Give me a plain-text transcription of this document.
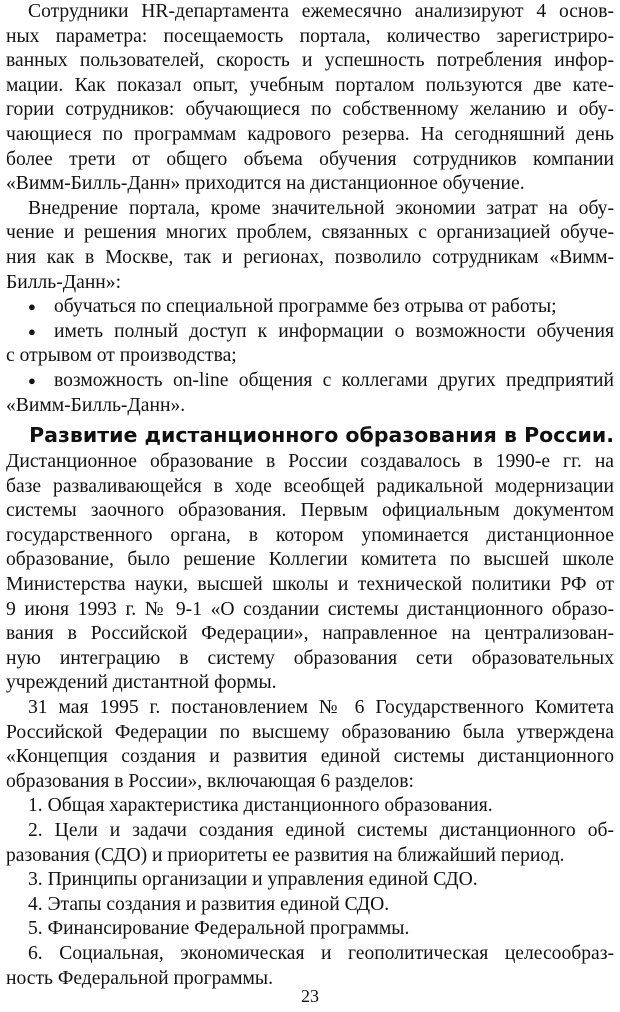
Сотрудники HR-департамента ежемесячно анализируют 4 основ-
ных параметра: посещаемость портала, количество зарегистриро-
ванных пользователей, скорость и успешность потребления инфор-
мации. Как показал опыт, учебным порталом пользуются две кате-
гории сотрудников: обучающиеся по собственному желанию и обу-
чающиеся по программам кадрового резерва. На сегодняшний день
более трети от общего объема обучения сотрудников компании
«Вимм-Билль-Данн» приходится на дистанционное обучение.
Внедрение портала, кроме значительной экономии затрат на обу-
чение и решения многих проблем, связанных с организацией обуче-
ния как в Москве, так и регионах, позволило сотрудникам «Вимм-
Билль-Данн»:
● обучаться по специальной программе без отрыва от работы;
● иметь полный доступ к информации о возможности обучения
с отрывом от производства;
● возможность on-line общения с коллегами других предприятий
«Вимм-Билль-Данн».
Развитие дистанционного образования в России.
Дистанционное образование в России создавалось в 1990-е гг. на
базе разваливающейся в ходе всеобщей радикальной модернизации
системы заочного образования. Первым официальным документом
государственного органа, в котором упоминается дистанционное
образование, было решение Коллегии комитета по высшей школе
Министерства науки, высшей школы и технической политики РФ от
9 июня 1993 г. № 9-1 «О создании системы дистанционного образо-
вания в Российской Федерации», направленное на централизован-
ную интеграцию в систему образования сети образовательных
учреждений дистантной формы.
31 мая 1995 г. постановлением № 6 Государственного Комитета
Российской Федерации по высшему образованию была утверждена
«Концепция создания и развития единой системы дистанционного
образования в России», включающая 6 разделов:
1. Общая характеристика дистанционного образования.
2. Цели и задачи создания единой системы дистанционного об-
разования (СДО) и приоритеты ее развития на ближайший период.
3. Принципы организации и управления единой СДО.
4. Этапы создания и развития единой СДО.
5. Финансирование Федеральной программы.
6. Социальная, экономическая и геополитическая целесообраз-
ность Федеральной программы.
23
